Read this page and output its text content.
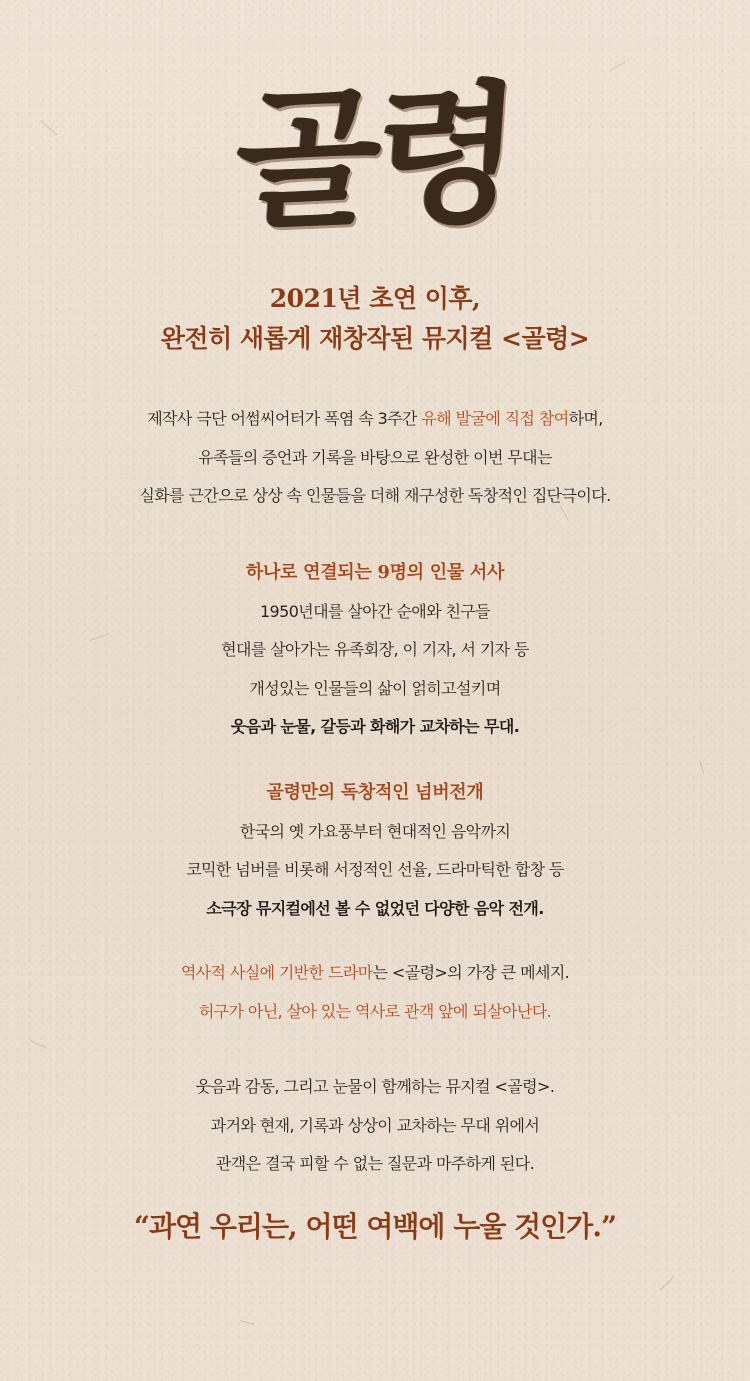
골령
2021년 초연 이후,
완전히 새롭게 재창작된 뮤지컬 <골령>
제작사 극단 어썸씨어터가 폭염 속 3주간 유해 발굴에 직접 참여하며,
유족들의 증언과 기록을 바탕으로 완성한 이번 무대는
실화를 근간으로 상상 속 인물들을 더해 재구성한 독창적인 집단극이다.
하나로 연결되는 9명의 인물 서사
1950년대를 살아간 순애와 친구들
현대를 살아가는 유족회장, 이 기자, 서 기자 등
개성있는 인물들의 삶이 얽히고설키며
웃음과 눈물, 갈등과 화해가 교차하는 무대.
골령만의 독창적인 넘버전개
한국의 옛 가요풍부터 현대적인 음악까지
코믹한 넘버를 비롯해 서정적인 선율, 드라마틱한 합창 등
소극장 뮤지컬에선 볼 수 없었던 다양한 음악 전개.
역사적 사실에 기반한 드라마는 <골령>의 가장 큰 메세지.
허구가 아닌, 살아 있는 역사로 관객 앞에 되살아난다.
웃음과 감동, 그리고 눈물이 함께하는 뮤지컬 <골령>.
과거와 현재, 기록과 상상이 교차하는 무대 위에서
관객은 결국 피할 수 없는 질문과 마주하게 된다.
“과연 우리는, 어떤 여백에 누울 것인가.”
